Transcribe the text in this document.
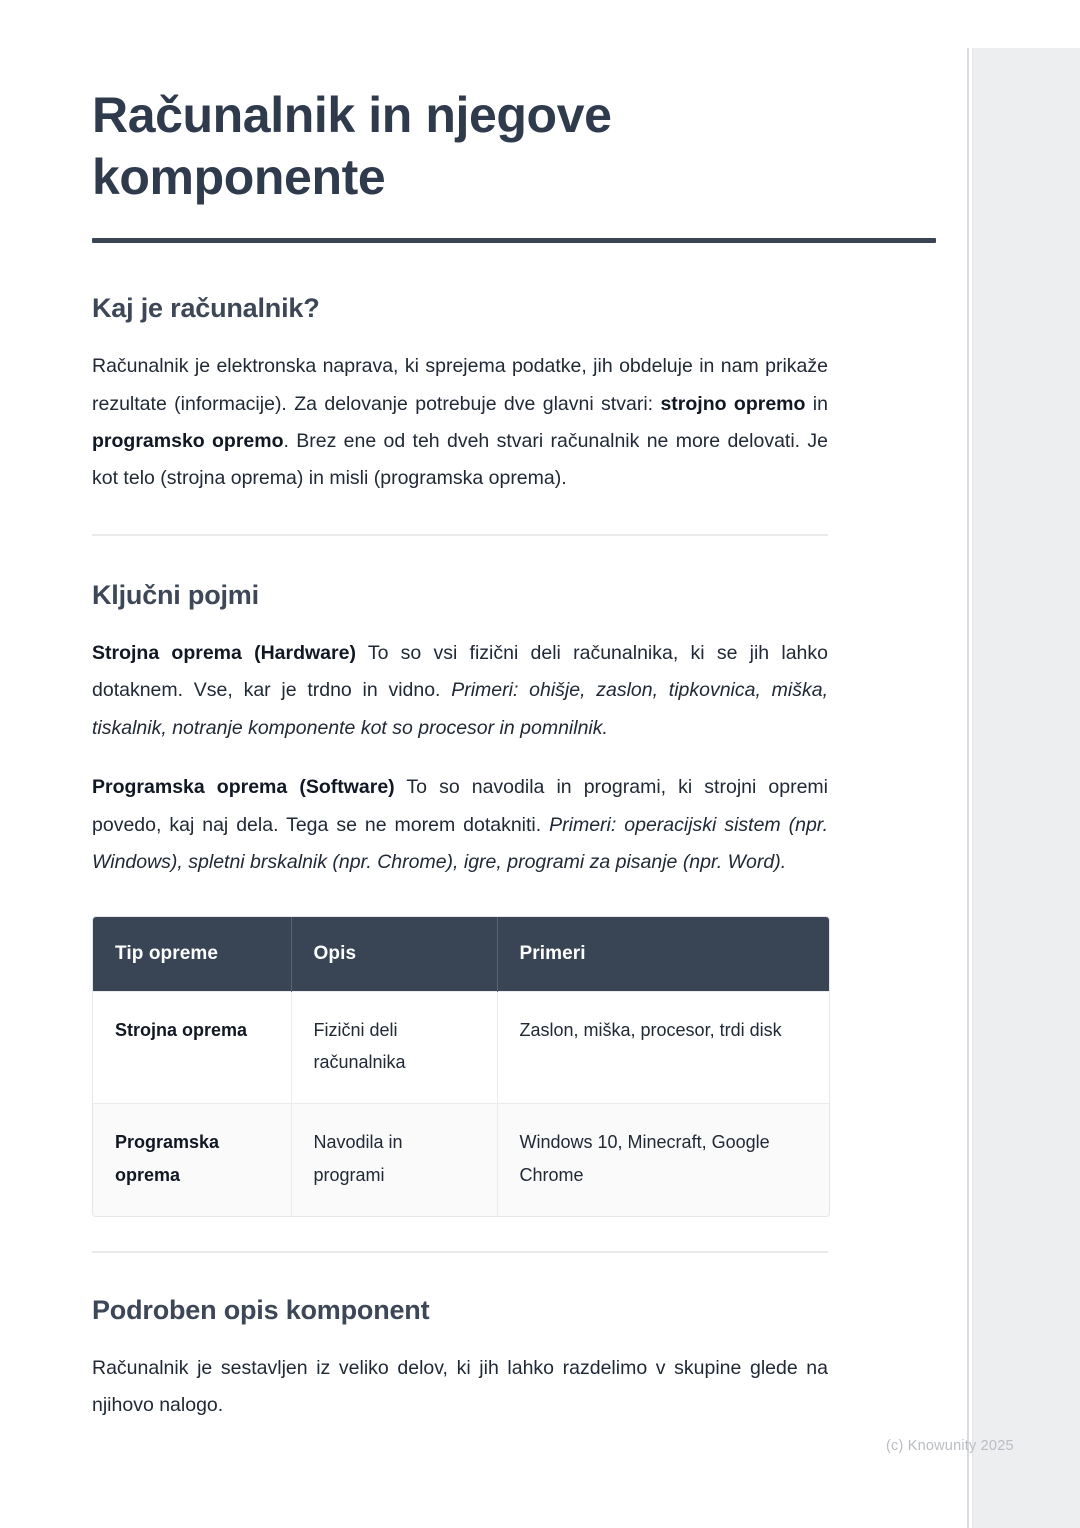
Računalnik in njegove komponente
Kaj je računalnik?

Računalnik je elektronska naprava, ki sprejema podatke, jih obdeluje in nam prikaže rezultate (informacije). Za delovanje potrebuje dve glavni stvari: strojno opremo in programsko opremo. Brez ene od teh dveh stvari računalnik ne more delovati. Je kot telo (strojna oprema) in misli (programska oprema).

Ključni pojmi

Strojna oprema (Hardware) To so vsi fizični deli računalnika, ki se jih lahko dotaknem. Vse, kar je trdno in vidno. Primeri: ohišje, zaslon, tipkovnica, miška, tiskalnik, notranje komponente kot so procesor in pomnilnik.

Programska oprema (Software) To so navodila in programi, ki strojni opremi povedo, kaj naj dela. Tega se ne morem dotakniti. Primeri: operacijski sistem (npr. Windows), spletni brskalnik (npr. Chrome), igre, programi za pisanje (npr. Word).

Tip opreme	Opis	Primeri
Strojna oprema	Fizični deli računalnika	Zaslon, miška, procesor, trdi disk
Programska oprema	Navodila in programi	Windows 10, Minecraft, Google Chrome
Podroben opis komponent

Računalnik je sestavljen iz veliko delov, ki jih lahko razdelimo v skupine glede na njihovo nalogo.

(c) Knowunity 2025
